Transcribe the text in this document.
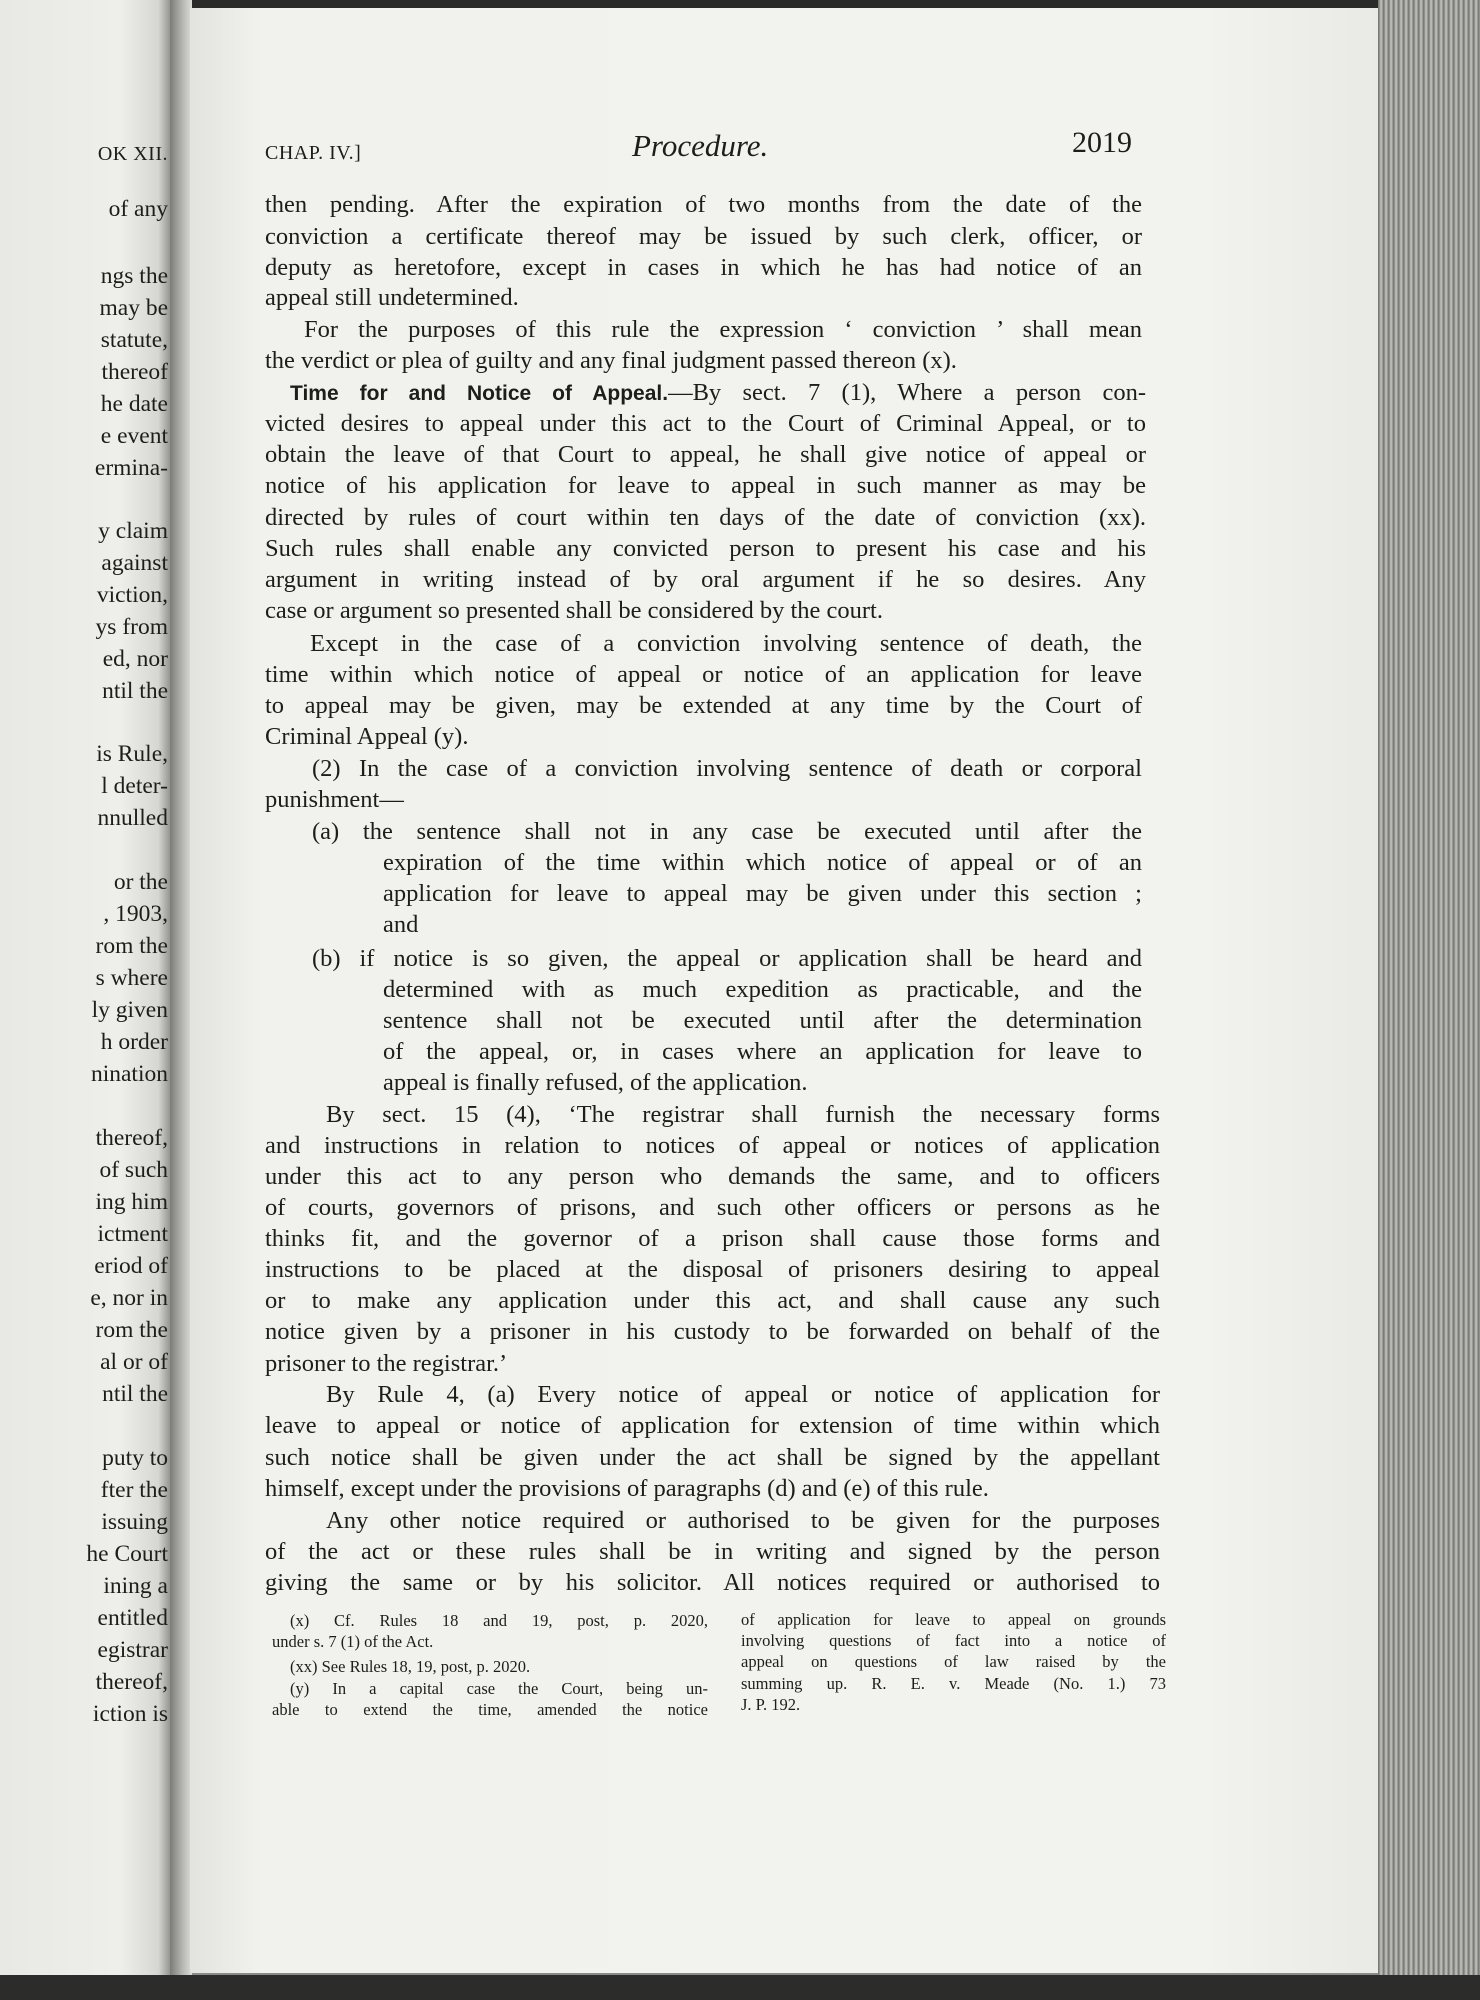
OK XII.
of any
ngs the
may be
statute,
thereof
he date
e event
ermina-
y claim
against
viction,
ys from
ed, nor
ntil the
is Rule,
l deter-
nnulled
or the
, 1903,
rom the
s where
ly given
h order
nination
thereof,
of such
ing him
ictment
eriod of
e, nor in
rom the
al or of
ntil the
puty to
fter the
issuing
he Court
ining a
entitled
egistrar
thereof,
iction is
CHAP. IV.]	Procedure.	2019
then pending. After the expiration of two months from the date of the
conviction a certificate thereof may be issued by such clerk, officer, or
deputy as heretofore, except in cases in which he has had notice of an
appeal still undetermined.
For the purposes of this rule the expression ‘ conviction ’ shall mean
the verdict or plea of guilty and any final judgment passed thereon (x).
Time for and Notice of Appeal.—By sect. 7 (1), Where a person con-
victed desires to appeal under this act to the Court of Criminal Appeal, or to
obtain the leave of that Court to appeal, he shall give notice of appeal or
notice of his application for leave to appeal in such manner as may be
directed by rules of court within ten days of the date of conviction (xx).
Such rules shall enable any convicted person to present his case and his
argument in writing instead of by oral argument if he so desires. Any
case or argument so presented shall be considered by the court.
Except in the case of a conviction involving sentence of death, the
time within which notice of appeal or notice of an application for leave
to appeal may be given, may be extended at any time by the Court of
Criminal Appeal (y).
(2) In the case of a conviction involving sentence of death or corporal
punishment—
(a) the sentence shall not in any case be executed until after the
expiration of the time within which notice of appeal or of an
application for leave to appeal may be given under this section ;
and
(b) if notice is so given, the appeal or application shall be heard and
determined with as much expedition as practicable, and the
sentence shall not be executed until after the determination
of the appeal, or, in cases where an application for leave to
appeal is finally refused, of the application.
By sect. 15 (4), ‘The registrar shall furnish the necessary forms
and instructions in relation to notices of appeal or notices of application
under this act to any person who demands the same, and to officers
of courts, governors of prisons, and such other officers or persons as he
thinks fit, and the governor of a prison shall cause those forms and
instructions to be placed at the disposal of prisoners desiring to appeal
or to make any application under this act, and shall cause any such
notice given by a prisoner in his custody to be forwarded on behalf of the
prisoner to the registrar.’
By Rule 4, (a) Every notice of appeal or notice of application for
leave to appeal or notice of application for extension of time within which
such notice shall be given under the act shall be signed by the appellant
himself, except under the provisions of paragraphs (d) and (e) of this rule.
Any other notice required or authorised to be given for the purposes
of the act or these rules shall be in writing and signed by the person
giving the same or by his solicitor. All notices required or authorised to
(x) Cf. Rules 18 and 19, post, p. 2020,
under s. 7 (1) of the Act.
(xx) See Rules 18, 19, post, p. 2020.
(y) In a capital case the Court, being un-
able to extend the time, amended the notice
of application for leave to appeal on grounds
involving questions of fact into a notice of
appeal on questions of law raised by the
summing up. R. E. v. Meade (No. 1.) 73
J. P. 192.
